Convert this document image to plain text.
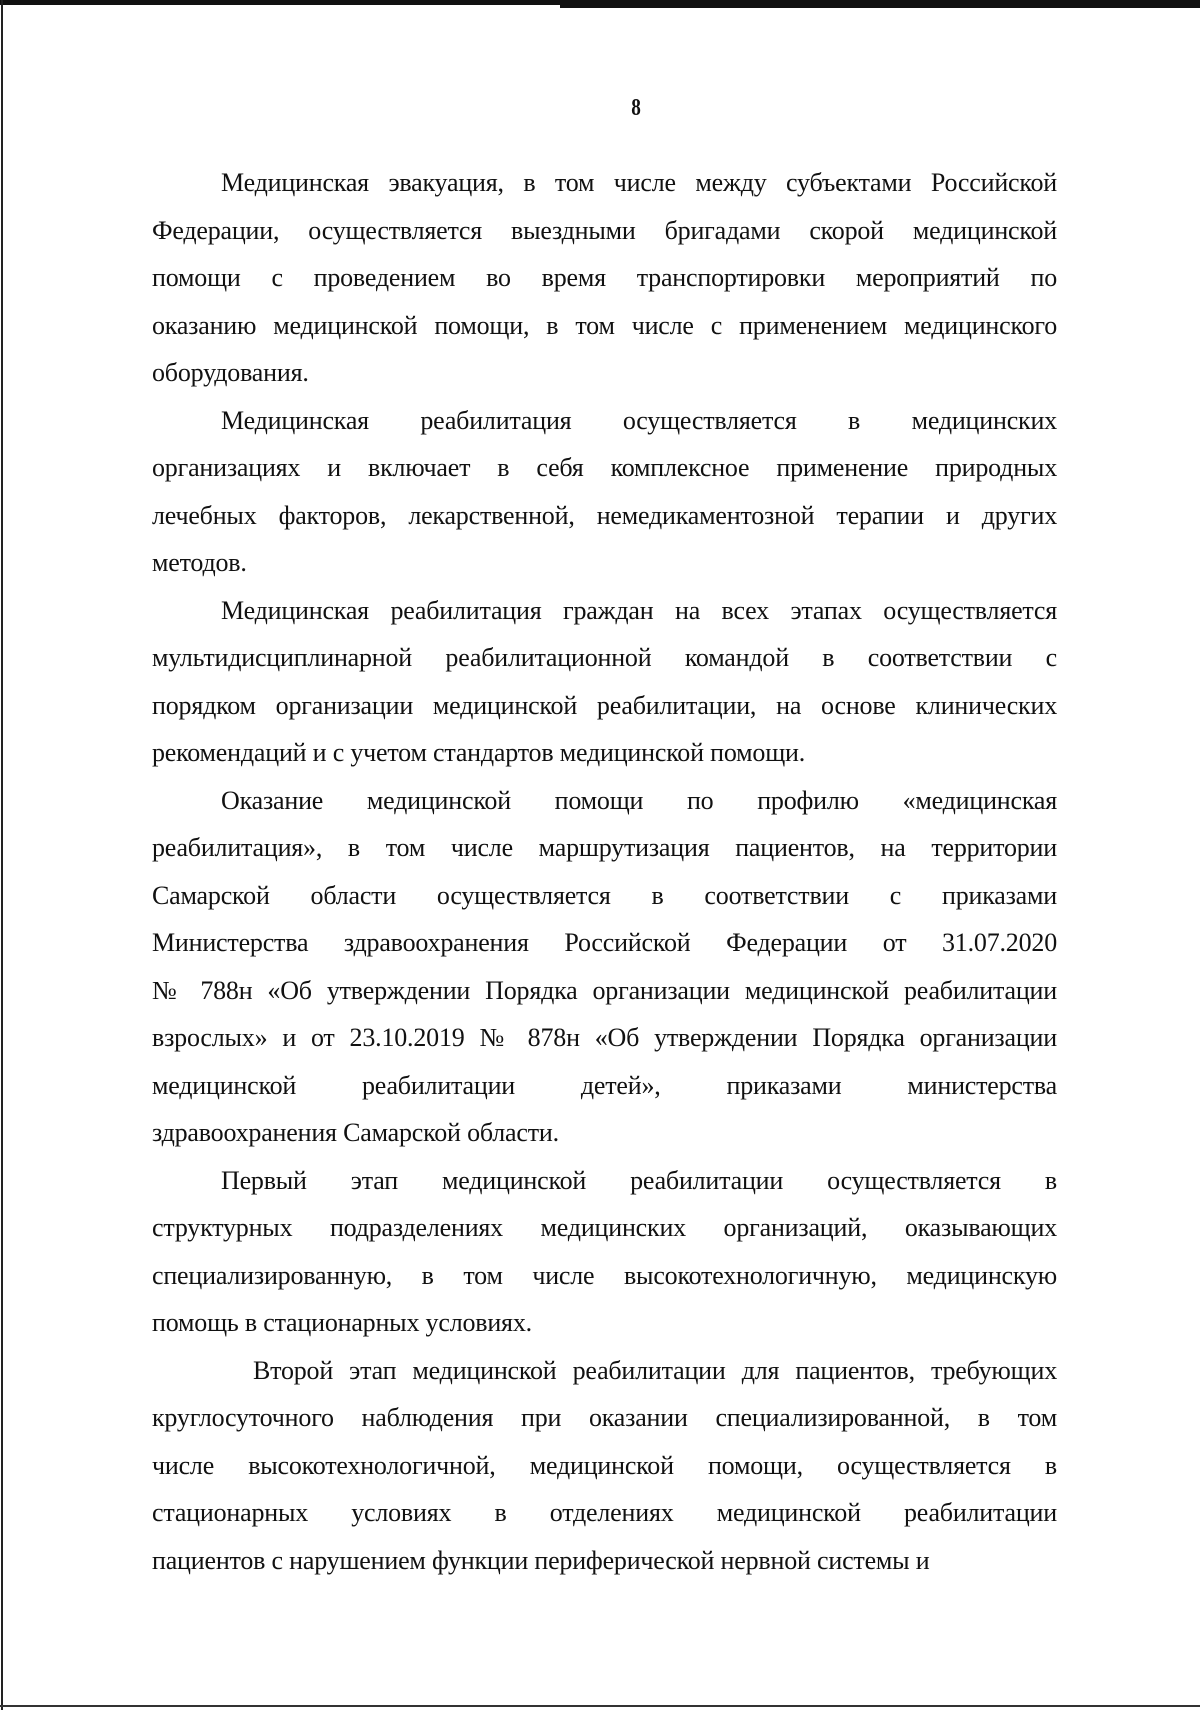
8
Медицинская эвакуация, в том числе между субъектами Российской
Федерации, осуществляется выездными бригадами скорой медицинской
помощи с проведением во время транспортировки мероприятий по
оказанию медицинской помощи, в том числе с применением медицинского
оборудования.
Медицинская реабилитация осуществляется в медицинских
организациях и включает в себя комплексное применение природных
лечебных факторов, лекарственной, немедикаментозной терапии и других
методов.
Медицинская реабилитация граждан на всех этапах осуществляется
мультидисциплинарной реабилитационной командой в соответствии с
порядком организации медицинской реабилитации, на основе клинических
рекомендаций и с учетом стандартов медицинской помощи.
Оказание медицинской помощи по профилю «медицинская
реабилитация», в том числе маршрутизация пациентов, на территории
Самарской области осуществляется в соответствии с приказами
Министерства здравоохранения Российской Федерации от 31.07.2020
№ 788н «Об утверждении Порядка организации медицинской реабилитации
взрослых» и от 23.10.2019 № 878н «Об утверждении Порядка организации
медицинской реабилитации детей», приказами министерства
здравоохранения Самарской области.
Первый этап медицинской реабилитации осуществляется в
структурных подразделениях медицинских организаций, оказывающих
специализированную, в том числе высокотехнологичную, медицинскую
помощь в стационарных условиях.
Второй этап медицинской реабилитации для пациентов, требующих
круглосуточного наблюдения при оказании специализированной, в том
числе высокотехнологичной, медицинской помощи, осуществляется в
стационарных условиях в отделениях медицинской реабилитации
пациентов с нарушением функции периферической нервной системы и
